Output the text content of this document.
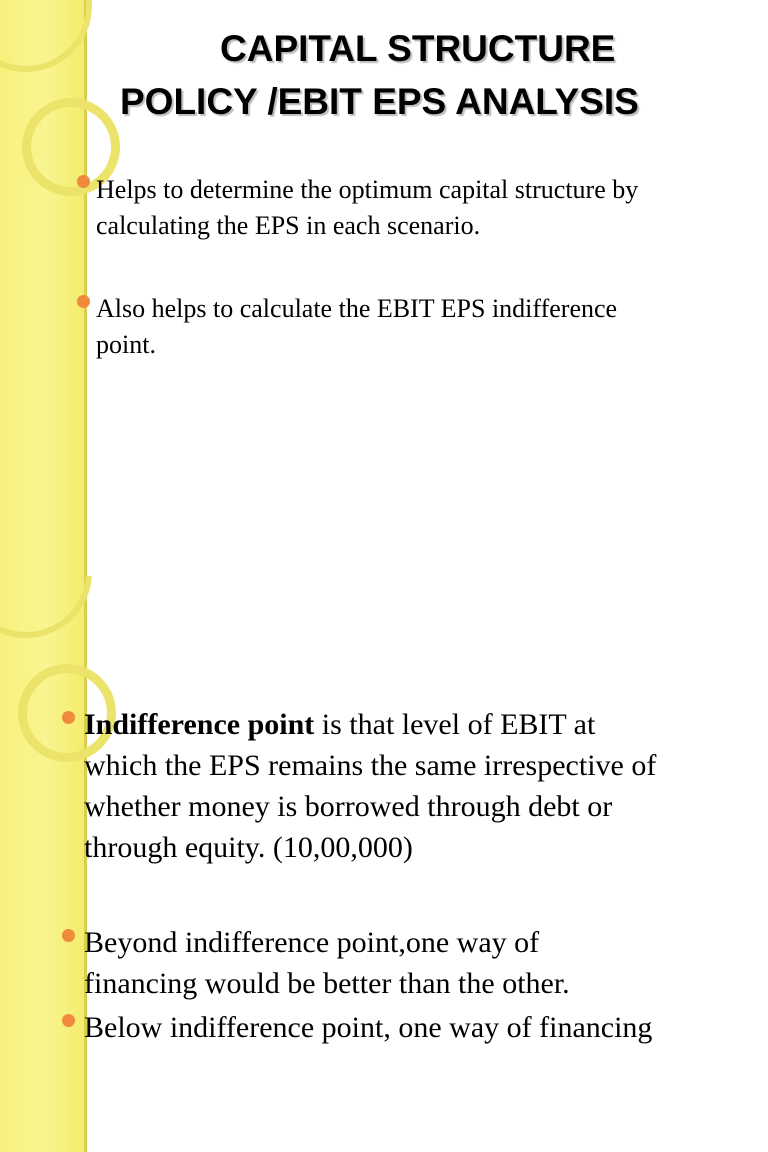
CAPITAL STRUCTURE
POLICY /EBIT EPS ANALYSIS

Helps to determine the optimum capital structure by
calculating the EPS in each scenario.

Also helps to calculate the EBIT EPS indifference
point.

Indifference point is that level of EBIT at
which the EPS remains the same irrespective of
whether money is borrowed through debt or
through equity. (10,00,000)

Beyond indifference point,one way of
financing would be better than the other.

Below indifference point, one way of financing
